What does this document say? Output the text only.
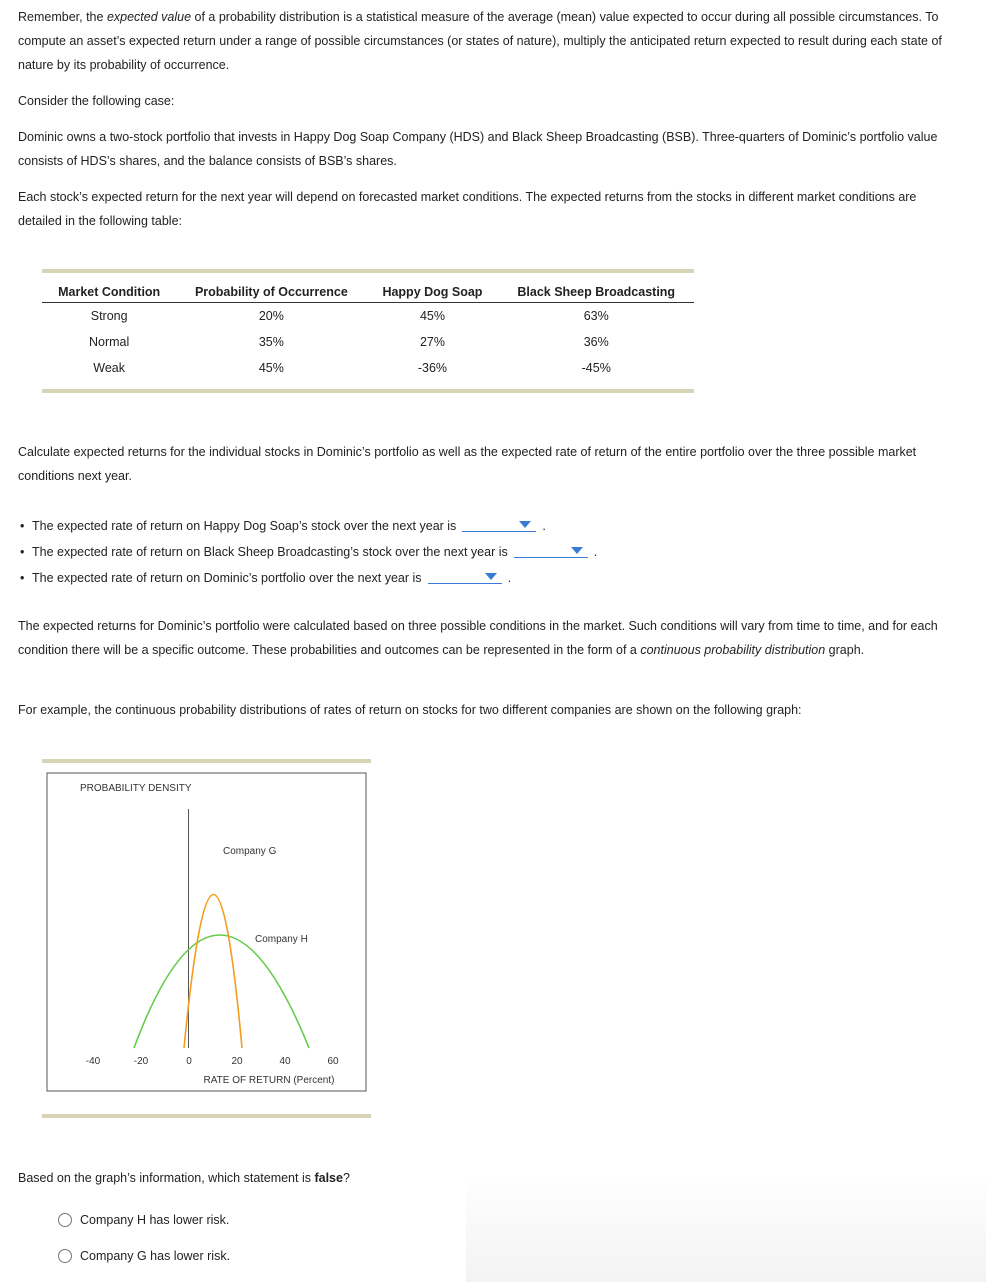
Remember, the expected value of a probability distribution is a statistical measure of the average (mean) value expected to occur during all possible circumstances. To compute an asset’s expected return under a range of possible circumstances (or states of nature), multiply the anticipated return expected to result during each state of nature by its probability of occurrence.

Consider the following case:

Dominic owns a two-stock portfolio that invests in Happy Dog Soap Company (HDS) and Black Sheep Broadcasting (BSB). Three-quarters of Dominic’s portfolio value consists of HDS’s shares, and the balance consists of BSB’s shares.

Each stock’s expected return for the next year will depend on forecasted market conditions. The expected returns from the stocks in different market conditions are detailed in the following table:

Market Condition	Probability of Occurrence	Happy Dog Soap	Black Sheep Broadcasting
Strong	20%	45%	63%
Normal	35%	27%	36%
Weak	45%	-36%	-45%

Calculate expected returns for the individual stocks in Dominic’s portfolio as well as the expected rate of return of the entire portfolio over the three possible market conditions next year.

• The expected rate of return on Happy Dog Soap’s stock over the next year is	.
• The expected rate of return on Black Sheep Broadcasting’s stock over the next year is	.
• The expected rate of return on Dominic’s portfolio over the next year is	.

The expected returns for Dominic’s portfolio were calculated based on three possible conditions in the market. Such conditions will vary from time to time, and for each condition there will be a specific outcome. These probabilities and outcomes can be represented in the form of a continuous probability distribution graph.

For example, the continuous probability distributions of rates of return on stocks for two different companies are shown on the following graph:

PROBABILITY DENSITY
Company G
Company H
-40	-20	0	20	40	60
RATE OF RETURN (Percent)

Based on the graph’s information, which statement is false?

Company H has lower risk.
Company G has lower risk.
